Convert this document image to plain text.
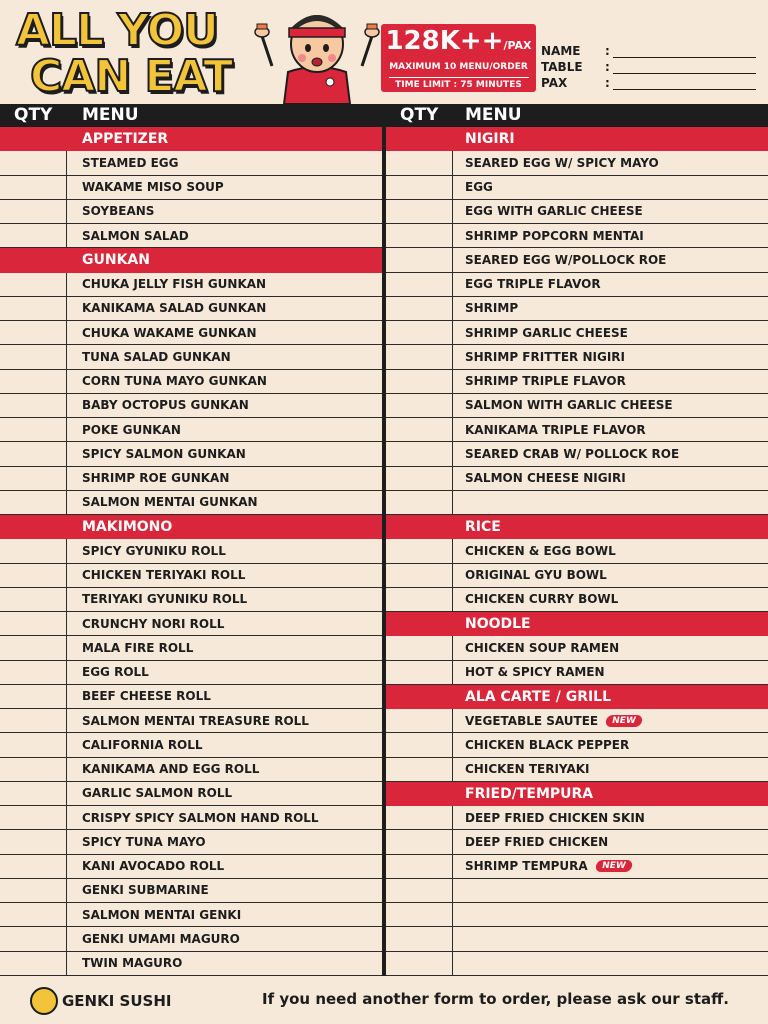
ALL YOU
CAN EAT
128K++/PAX
MAXIMUM 10 MENU/ORDER
TIME LIMIT : 75 MINUTES
NAME	:
TABLE	:
PAX	:
QTY MENU	QTY MENU
APPETIZER
STEAMED EGG
WAKAME MISO SOUP
SOYBEANS
SALMON SALAD
GUNKAN
CHUKA JELLY FISH GUNKAN
KANIKAMA SALAD GUNKAN
CHUKA WAKAME GUNKAN
TUNA SALAD GUNKAN
CORN TUNA MAYO GUNKAN
BABY OCTOPUS GUNKAN
POKE GUNKAN
SPICY SALMON GUNKAN
SHRIMP ROE GUNKAN
SALMON MENTAI GUNKAN
MAKIMONO
SPICY GYUNIKU ROLL
CHICKEN TERIYAKI ROLL
TERIYAKI GYUNIKU ROLL
CRUNCHY NORI ROLL
MALA FIRE ROLL
EGG ROLL
BEEF CHEESE ROLL
SALMON MENTAI TREASURE ROLL
CALIFORNIA ROLL
KANIKAMA AND EGG ROLL
GARLIC SALMON ROLL
CRISPY SPICY SALMON HAND ROLL
SPICY TUNA MAYO
KANI AVOCADO ROLL
GENKI SUBMARINE
SALMON MENTAI GENKI
GENKI UMAMI MAGURO
TWIN MAGURO
NIGIRI
SEARED EGG W/ SPICY MAYO
EGG
EGG WITH GARLIC CHEESE
SHRIMP POPCORN MENTAI
SEARED EGG W/POLLOCK ROE
EGG TRIPLE FLAVOR
SHRIMP
SHRIMP GARLIC CHEESE
SHRIMP FRITTER NIGIRI
SHRIMP TRIPLE FLAVOR
SALMON WITH GARLIC CHEESE
KANIKAMA TRIPLE FLAVOR
SEARED CRAB W/ POLLOCK ROE
SALMON CHEESE NIGIRI
RICE
CHICKEN & EGG BOWL
ORIGINAL GYU BOWL
CHICKEN CURRY BOWL
NOODLE
CHICKEN SOUP RAMEN
HOT & SPICY RAMEN
ALA CARTE / GRILL
VEGETABLE SAUTEE	NEW
CHICKEN BLACK PEPPER
CHICKEN TERIYAKI
FRIED/TEMPURA
DEEP FRIED CHICKEN SKIN
DEEP FRIED CHICKEN
SHRIMP TEMPURA	NEW
GENKI SUSHI	If you need another form to order, please ask our staff.
